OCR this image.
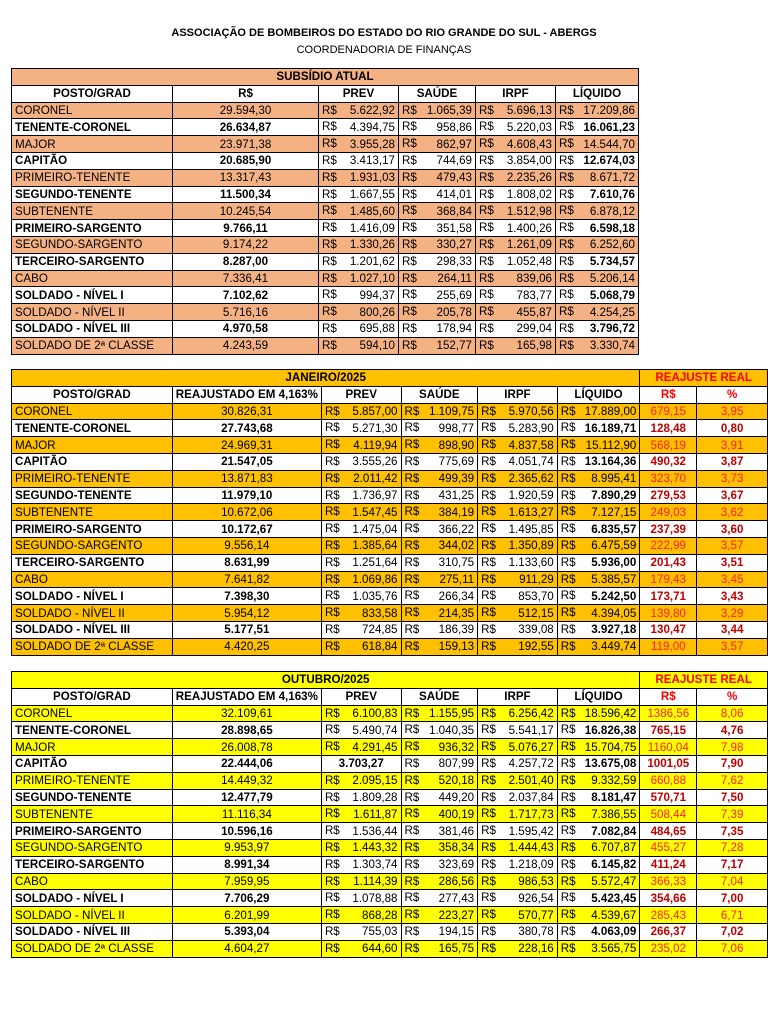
ASSOCIAÇÃO DE BOMBEIROS DO ESTADO DO RIO GRANDE DO SUL - ABERGS
COORDENADORIA DE FINANÇAS
SUBSÍDIO ATUAL					
POSTO/GRAD	R$	PREV	SAÚDE	IRPF	LÍQUIDO
CORONEL	29.594,30	R$ 5.622,92	R$ 1.065,39	R$ 5.696,13	R$ 17.209,86

TENENTE-CORONEL	26.634,87	R$ 4.394,75	R$ 958,86	R$ 5.220,03	R$ 16.061,23

MAJOR	23.971,38	R$ 3.955,28	R$ 862,97	R$ 4.608,43	R$ 14.544,70

CAPITÃO	20.685,90	R$ 3.413,17	R$ 744,69	R$ 3.854,00	R$ 12.674,03

PRIMEIRO-TENENTE	13.317,43	R$ 1.931,03	R$ 479,43	R$ 2.235,26	R$ 8.671,72

SEGUNDO-TENENTE	11.500,34	R$ 1.667,55	R$ 414,01	R$ 1.808,02	R$ 7.610,76

SUBTENENTE	10.245,54	R$ 1.485,60	R$ 368,84	R$ 1.512,98	R$ 6.878,12

PRIMEIRO-SARGENTO	9.766,11	R$ 1.416,09	R$ 351,58	R$ 1.400,26	R$ 6.598,18

SEGUNDO-SARGENTO	9.174,22	R$ 1.330,26	R$ 330,27	R$ 1.261,09	R$ 6.252,60

TERCEIRO-SARGENTO	8.287,00	R$ 1.201,62	R$ 298,33	R$ 1.052,48	R$ 5.734,57

CABO	7.336,41	R$ 1.027,10	R$ 264,11	R$ 839,06	R$ 5.206,14

SOLDADO - NÍVEL I	7.102,62	R$ 994,37	R$ 255,69	R$ 783,77	R$ 5.068,79

SOLDADO - NÍVEL II	5.716,16	R$ 800,26	R$ 205,78	R$ 455,87	R$ 4.254,25

SOLDADO - NÍVEL III	4.970,58	R$ 695,88	R$ 178,94	R$ 299,04	R$ 3.796,72

SOLDADO DE 2ª CLASSE	4.243,59	R$ 594,10	R$ 152,77	R$ 165,98	R$ 3.330,74
JANEIRO/2025						REAJUSTE REAL	
POSTO/GRAD	REAJUSTADO EM 4,163%	PREV	SAÚDE	IRPF	LÍQUIDO	R$	%
CORONEL	30.826,31	R$ 5.857,00	R$ 1.109,75	R$ 5.970,56	R$ 17.889,00	679,15	3,95
TENENTE-CORONEL	27.743,68	R$ 5.271,30	R$ 998,77	R$ 5.283,90	R$ 16.189,71	128,48	0,80
MAJOR	24.969,31	R$ 4.119,94	R$ 898,90	R$ 4.837,58	R$ 15.112,90	568,19	3,91
CAPITÃO	21.547,05	R$ 3.555,26	R$ 775,69	R$ 4.051,74	R$ 13.164,36	490,32	3,87
PRIMEIRO-TENENTE	13.871,83	R$ 2.011,42	R$ 499,39	R$ 2.365,62	R$ 8.995,41	323,70	3,73
SEGUNDO-TENENTE	11.979,10	R$ 1.736,97	R$ 431,25	R$ 1.920,59	R$ 7.890,29	279,53	3,67
SUBTENENTE	10.672,06	R$ 1.547,45	R$ 384,19	R$ 1.613,27	R$ 7.127,15	249,03	3,62
PRIMEIRO-SARGENTO	10.172,67	R$ 1.475,04	R$ 366,22	R$ 1.495,85	R$ 6.835,57	237,39	3,60
SEGUNDO-SARGENTO	9.556,14	R$ 1.385,64	R$ 344,02	R$ 1.350,89	R$ 6.475,59	222,99	3,57
TERCEIRO-SARGENTO	8.631,99	R$ 1.251,64	R$ 310,75	R$ 1.133,60	R$ 5.936,00	201,43	3,51
CABO	7.641,82	R$ 1.069,86	R$ 275,11	R$ 911,29	R$ 5.385,57	179,43	3,45
SOLDADO - NÍVEL I	7.398,30	R$ 1.035,76	R$ 266,34	R$ 853,70	R$ 5.242,50	173,71	3,43
SOLDADO - NÍVEL II	5.954,12	R$ 833,58	R$ 214,35	R$ 512,15	R$ 4.394,05	139,80	3,29
SOLDADO - NÍVEL III	5.177,51	R$ 724,85	R$ 186,39	R$ 339,08	R$ 3.927,18	130,47	3,44
SOLDADO DE 2ª CLASSE	4.420,25	R$ 618,84	R$ 159,13	R$ 192,55	R$ 3.449,74	119,00	3,57
OUTUBRO/2025						REAJUSTE REAL	
POSTO/GRAD	REAJUSTADO EM 4,163%	PREV	SAÚDE	IRPF	LÍQUIDO	R$	%
CORONEL	32.109,61	R$ 6.100,83	R$ 1.155,95	R$ 6.256,42	R$ 18.596,42	1386,56	8,06
TENENTE-CORONEL	28.898,65	R$ 5.490,74	R$ 1.040,35	R$ 5.541,17	R$ 16.826,38	765,15	4,76
MAJOR	26.008,78	R$ 4.291,45	R$ 936,32	R$ 5.076,27	R$ 15.704,75	1160,04	7,98
CAPITÃO	22.444,06	3.703,27	R$ 807,99	R$ 4.257,72	R$ 13.675,08	1001,05	7,90
PRIMEIRO-TENENTE	14.449,32	R$ 2.095,15	R$ 520,18	R$ 2.501,40	R$ 9.332,59	660,88	7,62
SEGUNDO-TENENTE	12.477,79	R$ 1.809,28	R$ 449,20	R$ 2.037,84	R$ 8.181,47	570,71	7,50
SUBTENENTE	11.116,34	R$ 1.611,87	R$ 400,19	R$ 1.717,73	R$ 7.386,55	508,44	7,39
PRIMEIRO-SARGENTO	10.596,16	R$ 1.536,44	R$ 381,46	R$ 1.595,42	R$ 7.082,84	484,65	7,35
SEGUNDO-SARGENTO	9.953,97	R$ 1.443,32	R$ 358,34	R$ 1.444,43	R$ 6.707,87	455,27	7,28
TERCEIRO-SARGENTO	8.991,34	R$ 1.303,74	R$ 323,69	R$ 1.218,09	R$ 6.145,82	411,24	7,17
CABO	7.959,95	R$ 1.114,39	R$ 286,56	R$ 986,53	R$ 5.572,47	366,33	7,04
SOLDADO - NÍVEL I	7.706,29	R$ 1.078,88	R$ 277,43	R$ 926,54	R$ 5.423,45	354,66	7,00
SOLDADO - NÍVEL II	6.201,99	R$ 868,28	R$ 223,27	R$ 570,77	R$ 4.539,67	285,43	6,71
SOLDADO - NÍVEL III	5.393,04	R$ 755,03	R$ 194,15	R$ 380,78	R$ 4.063,09	266,37	7,02
SOLDADO DE 2ª CLASSE	4.604,27	R$ 644,60	R$ 165,75	R$ 228,16	R$ 3.565,75	235,02	7,06
